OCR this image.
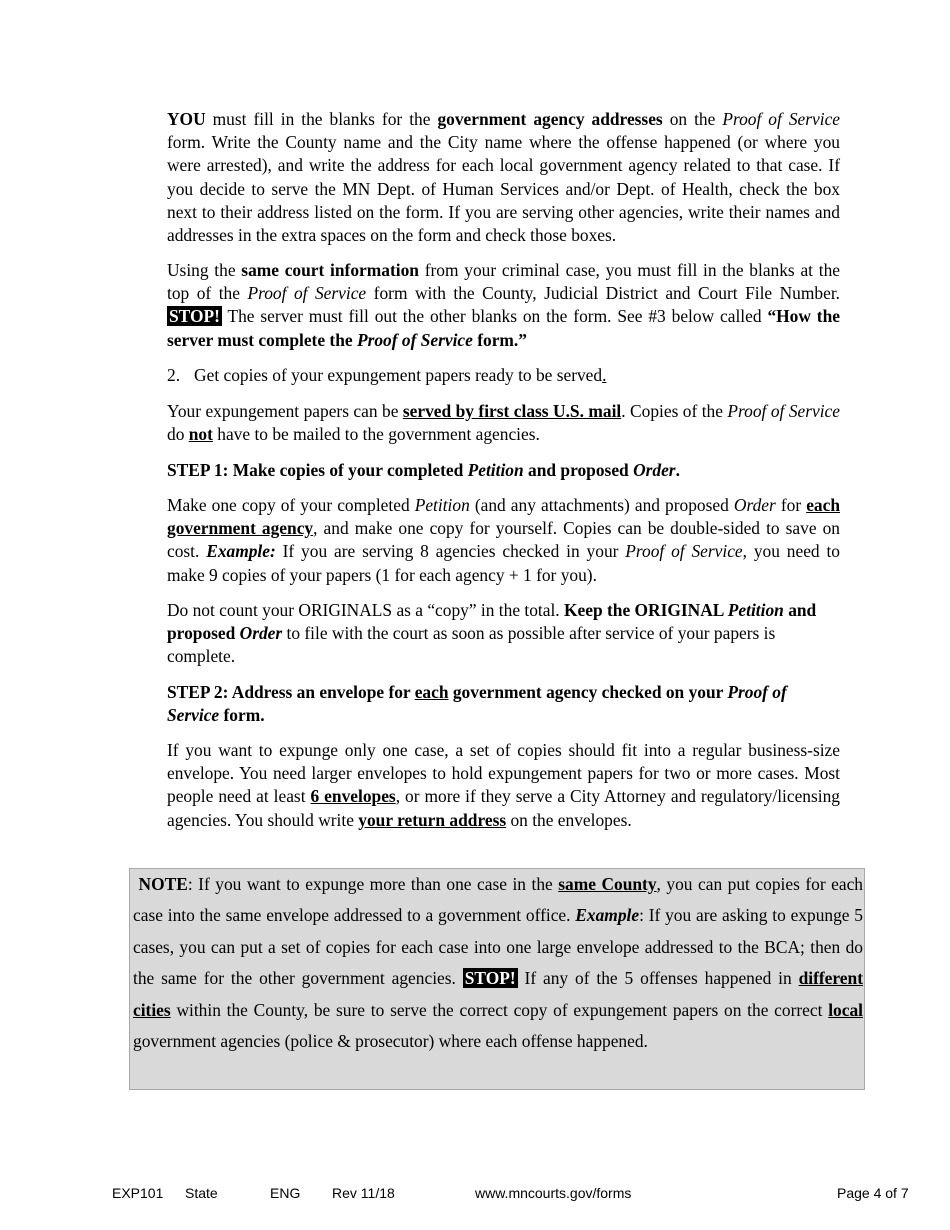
YOU must fill in the blanks for the government agency addresses on the Proof of Service form. Write the County name and the City name where the offense happened (or where you were arrested), and write the address for each local government agency related to that case. If you decide to serve the MN Dept. of Human Services and/or Dept. of Health, check the box next to their address listed on the form. If you are serving other agencies, write their names and addresses in the extra spaces on the form and check those boxes.

Using the same court information from your criminal case, you must fill in the blanks at the top of the Proof of Service form with the County, Judicial District and Court File Number. STOP! The server must fill out the other blanks on the form. See #3 below called “How the server must complete the Proof of Service form.”

2. Get copies of your expungement papers ready to be served.

Your expungement papers can be served by first class U.S. mail. Copies of the Proof of Service do not have to be mailed to the government agencies.

STEP 1: Make copies of your completed Petition and proposed Order.

Make one copy of your completed Petition (and any attachments) and proposed Order for each government agency, and make one copy for yourself. Copies can be double-sided to save on cost. Example: If you are serving 8 agencies checked in your Proof of Service, you need to make 9 copies of your papers (1 for each agency + 1 for you).

Do not count your ORIGINALS as a “copy” in the total. Keep the ORIGINAL Petition and proposed Order to file with the court as soon as possible after service of your papers is complete.

STEP 2: Address an envelope for each government agency checked on your Proof of Service form.

If you want to expunge only one case, a set of copies should fit into a regular business-size envelope. You need larger envelopes to hold expungement papers for two or more cases. Most people need at least 6 envelopes, or more if they serve a City Attorney and regulatory/licensing agencies. You should write your return address on the envelopes.

NOTE: If you want to expunge more than one case in the same County, you can put copies for each case into the same envelope addressed to a government office. Example: If you are asking to expunge 5 cases, you can put a set of copies for each case into one large envelope addressed to the BCA; then do the same for the other government agencies. STOP! If any of the 5 offenses happened in different cities within the County, be sure to serve the correct copy of expungement papers on the correct local government agencies (police & prosecutor) where each offense happened.
EXP101 State	ENG Rev 11/18	www.mncourts.gov/forms	Page 4 of 7
